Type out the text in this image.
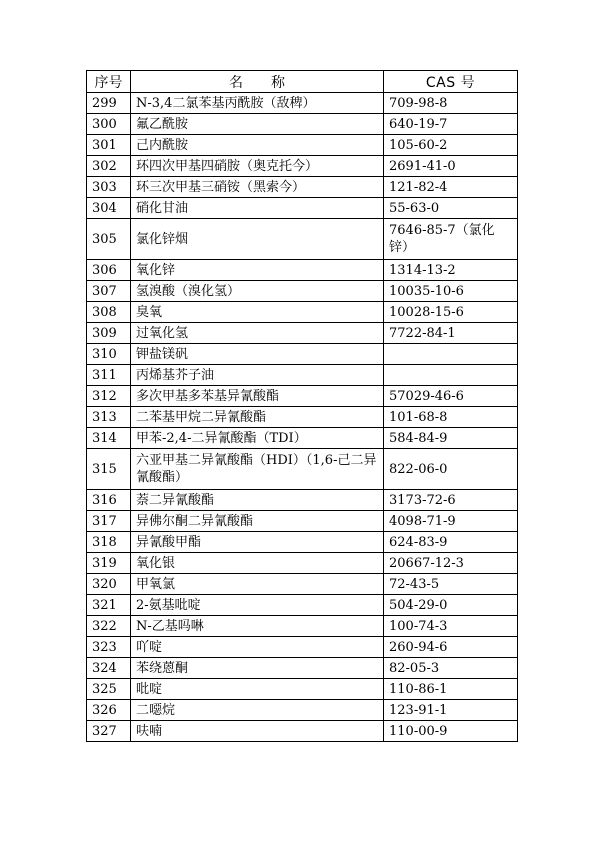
序号	名　　称	CAS 号
299	N-3,4二氯苯基丙酰胺（敌稗）	709-98-8
300	氟乙酰胺	640-19-7
301	己内酰胺	105-60-2
302	环四次甲基四硝胺（奥克托今）	2691-41-0
303	环三次甲基三硝铵（黑索今）	121-82-4
304	硝化甘油	55-63-0
305	氯化锌烟	7646-85-7（氯化锌）
306	氧化锌	1314-13-2
307	氢溴酸（溴化氢）	10035-10-6
308	臭氧	10028-15-6
309	过氧化氢	7722-84-1
310	钾盐镁矾	
311	丙烯基芥子油	
312	多次甲基多苯基异氰酸酯	57029-46-6
313	二苯基甲烷二异氰酸酯	101-68-8
314	甲苯-2,4-二异氰酸酯（TDI）	584-84-9
315	六亚甲基二异氰酸酯（HDI）（1,6-己二异氰酸酯）	822-06-0
316	萘二异氰酸酯	3173-72-6
317	异佛尔酮二异氰酸酯	4098-71-9
318	异氰酸甲酯	624-83-9
319	氧化银	20667-12-3
320	甲氧氯	72-43-5
321	2-氨基吡啶	504-29-0
322	N-乙基吗啉	100-74-3
323	吖啶	260-94-6
324	苯绕蒽酮	82-05-3
325	吡啶	110-86-1
326	二噁烷	123-91-1
327	呋喃	110-00-9
